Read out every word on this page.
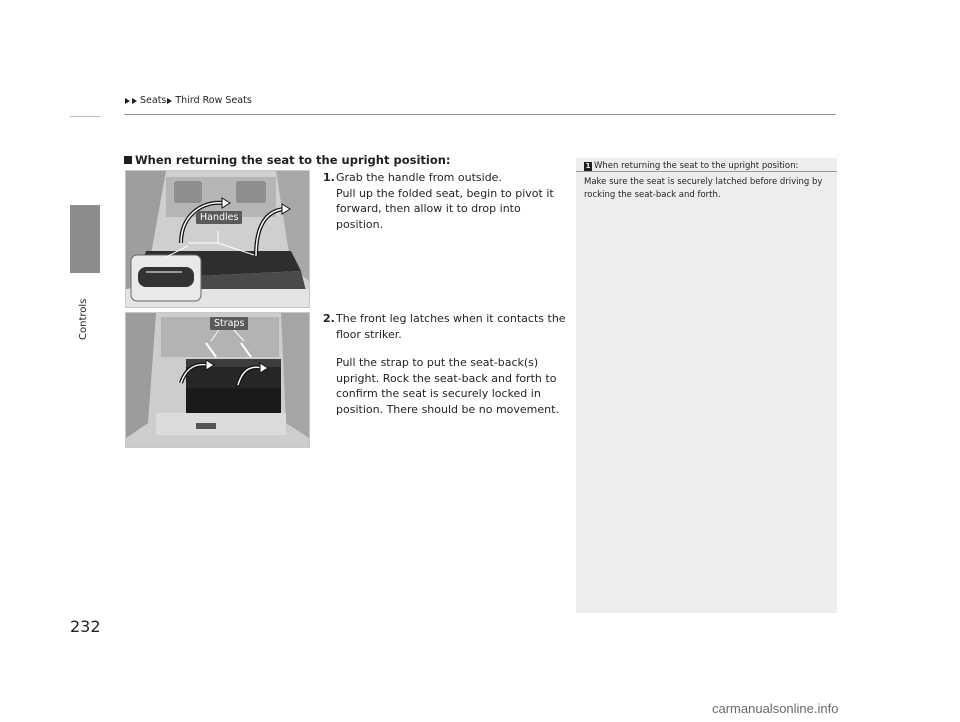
Seats Third Row Seats
Controls
When returning the seat to the upright position:
Handles
Straps
1. Grab the handle from outside.

Pull up the folded seat, begin to pivot it forward, then allow it to drop into position.

2. The front leg latches when it contacts the floor striker.

Pull the strap to put the seat-back(s) upright. Rock the seat-back and forth to confirm the seat is securely locked in position. There should be no movement.

1 When returning the seat to the upright position:
Make sure the seat is securely latched before driving by rocking the seat-back and forth.
232
carmanualsonline.info
